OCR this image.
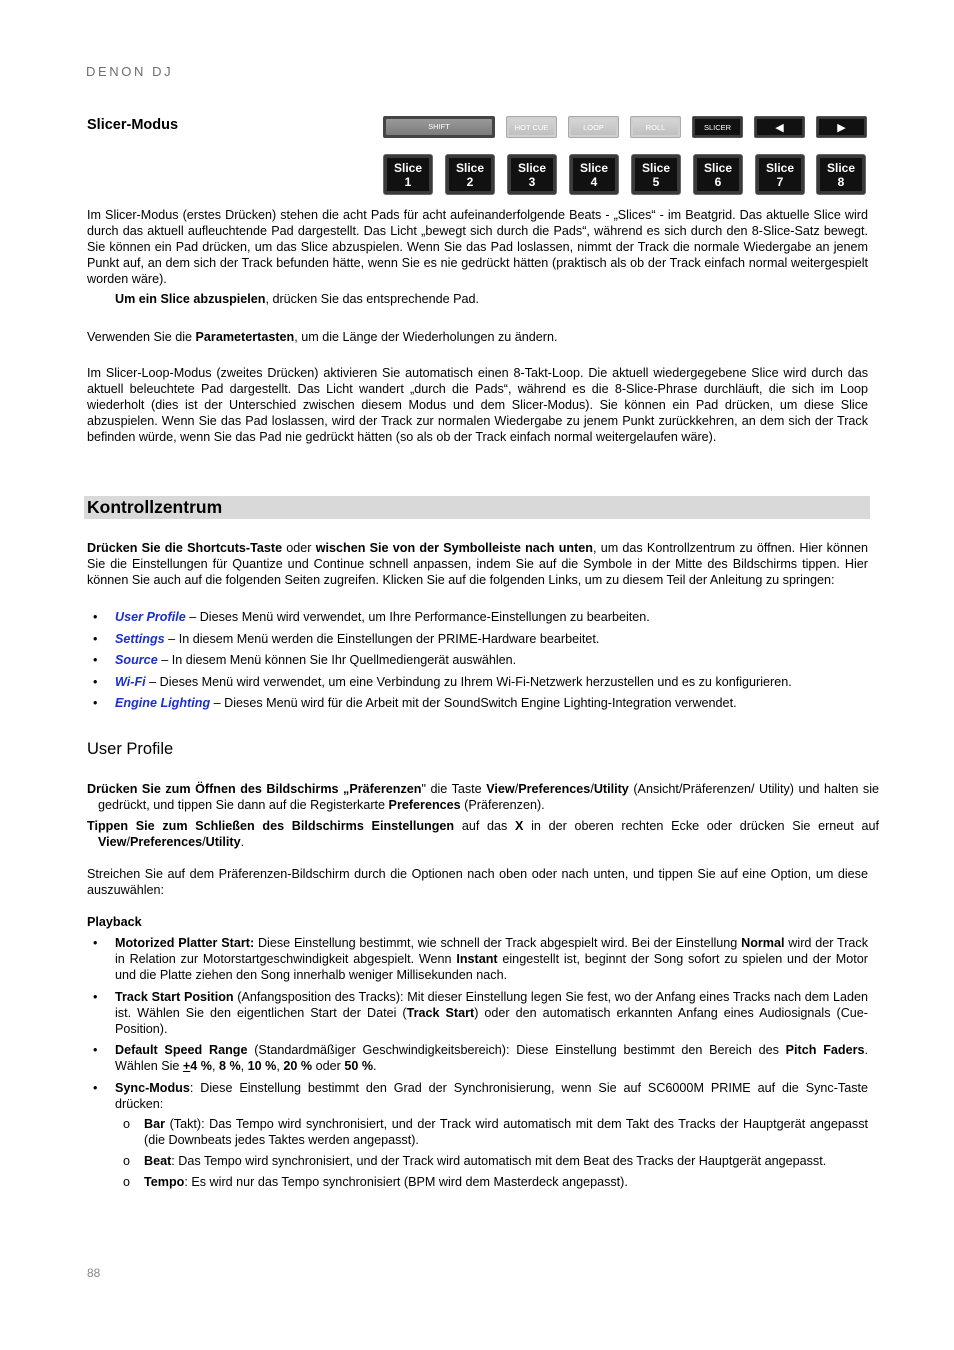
DENON DJ
Slicer-Modus	SHIFT	HOT CUE	LOOP	ROLL	SLICER	◀	▶
Slice
1
Slice
2
Slice
3
Slice
4
Slice
5
Slice
6
Slice
7
Slice
8
Im Slicer-Modus (erstes Drücken) stehen die acht Pads für acht aufeinanderfolgende Beats - „Slices“ - im Beatgrid. Das aktuelle Slice wird durch das aktuell aufleuchtende Pad dargestellt. Das Licht „bewegt sich durch die Pads“, während es sich durch den 8-Slice-Satz bewegt. Sie können ein Pad drücken, um das Slice abzuspielen. Wenn Sie das Pad loslassen, nimmt der Track die normale Wiedergabe an jenem Punkt auf, an dem sich der Track befunden hätte, wenn Sie es nie gedrückt hätten (praktisch als ob der Track einfach normal weitergespielt worden wäre).
Um ein Slice abzuspielen, drücken Sie das entsprechende Pad.
Verwenden Sie die Parametertasten, um die Länge der Wiederholungen zu ändern.
Im Slicer-Loop-Modus (zweites Drücken) aktivieren Sie automatisch einen 8-Takt-Loop. Die aktuell wiedergegebene Slice wird durch das aktuell beleuchtete Pad dargestellt. Das Licht wandert „durch die Pads“, während es die 8-Slice-Phrase durchläuft, die sich im Loop wiederholt (dies ist der Unterschied zwischen diesem Modus und dem Slicer-Modus). Sie können ein Pad drücken, um diese Slice abzuspielen. Wenn Sie das Pad loslassen, wird der Track zur normalen Wiedergabe zu jenem Punkt zurückkehren, an dem sich der Track befinden würde, wenn Sie das Pad nie gedrückt hätten (so als ob der Track einfach normal weitergelaufen wäre).
Kontrollzentrum
Drücken Sie die Shortcuts-Taste oder wischen Sie von der Symbolleiste nach unten, um das Kontrollzentrum zu öffnen. Hier können Sie die Einstellungen für Quantize und Continue schnell anpassen, indem Sie auf die Symbole in der Mitte des Bildschirms tippen. Hier können Sie auch auf die folgenden Seiten zugreifen. Klicken Sie auf die folgenden Links, um zu diesem Teil der Anleitung zu springen:
• User Profile – Dieses Menü wird verwendet, um Ihre Performance-Einstellungen zu bearbeiten.
• Settings – In diesem Menü werden die Einstellungen der PRIME-Hardware bearbeitet.
• Source – In diesem Menü können Sie Ihr Quellmediengerät auswählen.
• Wi-Fi – Dieses Menü wird verwendet, um eine Verbindung zu Ihrem Wi-Fi-Netzwerk herzustellen und es zu konfigurieren.
• Engine Lighting – Dieses Menü wird für die Arbeit mit der SoundSwitch Engine Lighting-Integration verwendet.
User Profile
Drücken Sie zum Öffnen des Bildschirms „Präferenzen" die Taste View/Preferences/Utility (Ansicht/Präferenzen/ Utility) und halten sie gedrückt, und tippen Sie dann auf die Registerkarte Preferences (Präferenzen).
Tippen Sie zum Schließen des Bildschirms Einstellungen auf das X in der oberen rechten Ecke oder drücken Sie erneut auf View/Preferences/Utility.
Streichen Sie auf dem Präferenzen-Bildschirm durch die Optionen nach oben oder nach unten, und tippen Sie auf eine Option, um diese auszuwählen:
Playback
• Motorized Platter Start: Diese Einstellung bestimmt, wie schnell der Track abgespielt wird. Bei der Einstellung Normal wird der Track in Relation zur Motorstartgeschwindigkeit abgespielt. Wenn Instant eingestellt ist, beginnt der Song sofort zu spielen und der Motor und die Platte ziehen den Song innerhalb weniger Millisekunden nach.
• Track Start Position (Anfangsposition des Tracks): Mit dieser Einstellung legen Sie fest, wo der Anfang eines Tracks nach dem Laden ist. Wählen Sie den eigentlichen Start der Datei (Track Start) oder den automatisch erkannten Anfang eines Audiosignals (Cue-Position).
• Default Speed Range (Standardmäßiger Geschwindigkeitsbereich): Diese Einstellung bestimmt den Bereich des Pitch Faders. Wählen Sie +4 %, 8 %, 10 %, 20 % oder 50 %.
• Sync-Modus: Diese Einstellung bestimmt den Grad der Synchronisierung, wenn Sie auf SC6000M PRIME auf die Sync-Taste drücken:
o Bar (Takt): Das Tempo wird synchronisiert, und der Track wird automatisch mit dem Takt des Tracks der Hauptgerät angepasst (die Downbeats jedes Taktes werden angepasst).
o Beat: Das Tempo wird synchronisiert, und der Track wird automatisch mit dem Beat des Tracks der Hauptgerät angepasst.
o Tempo: Es wird nur das Tempo synchronisiert (BPM wird dem Masterdeck angepasst).
88
